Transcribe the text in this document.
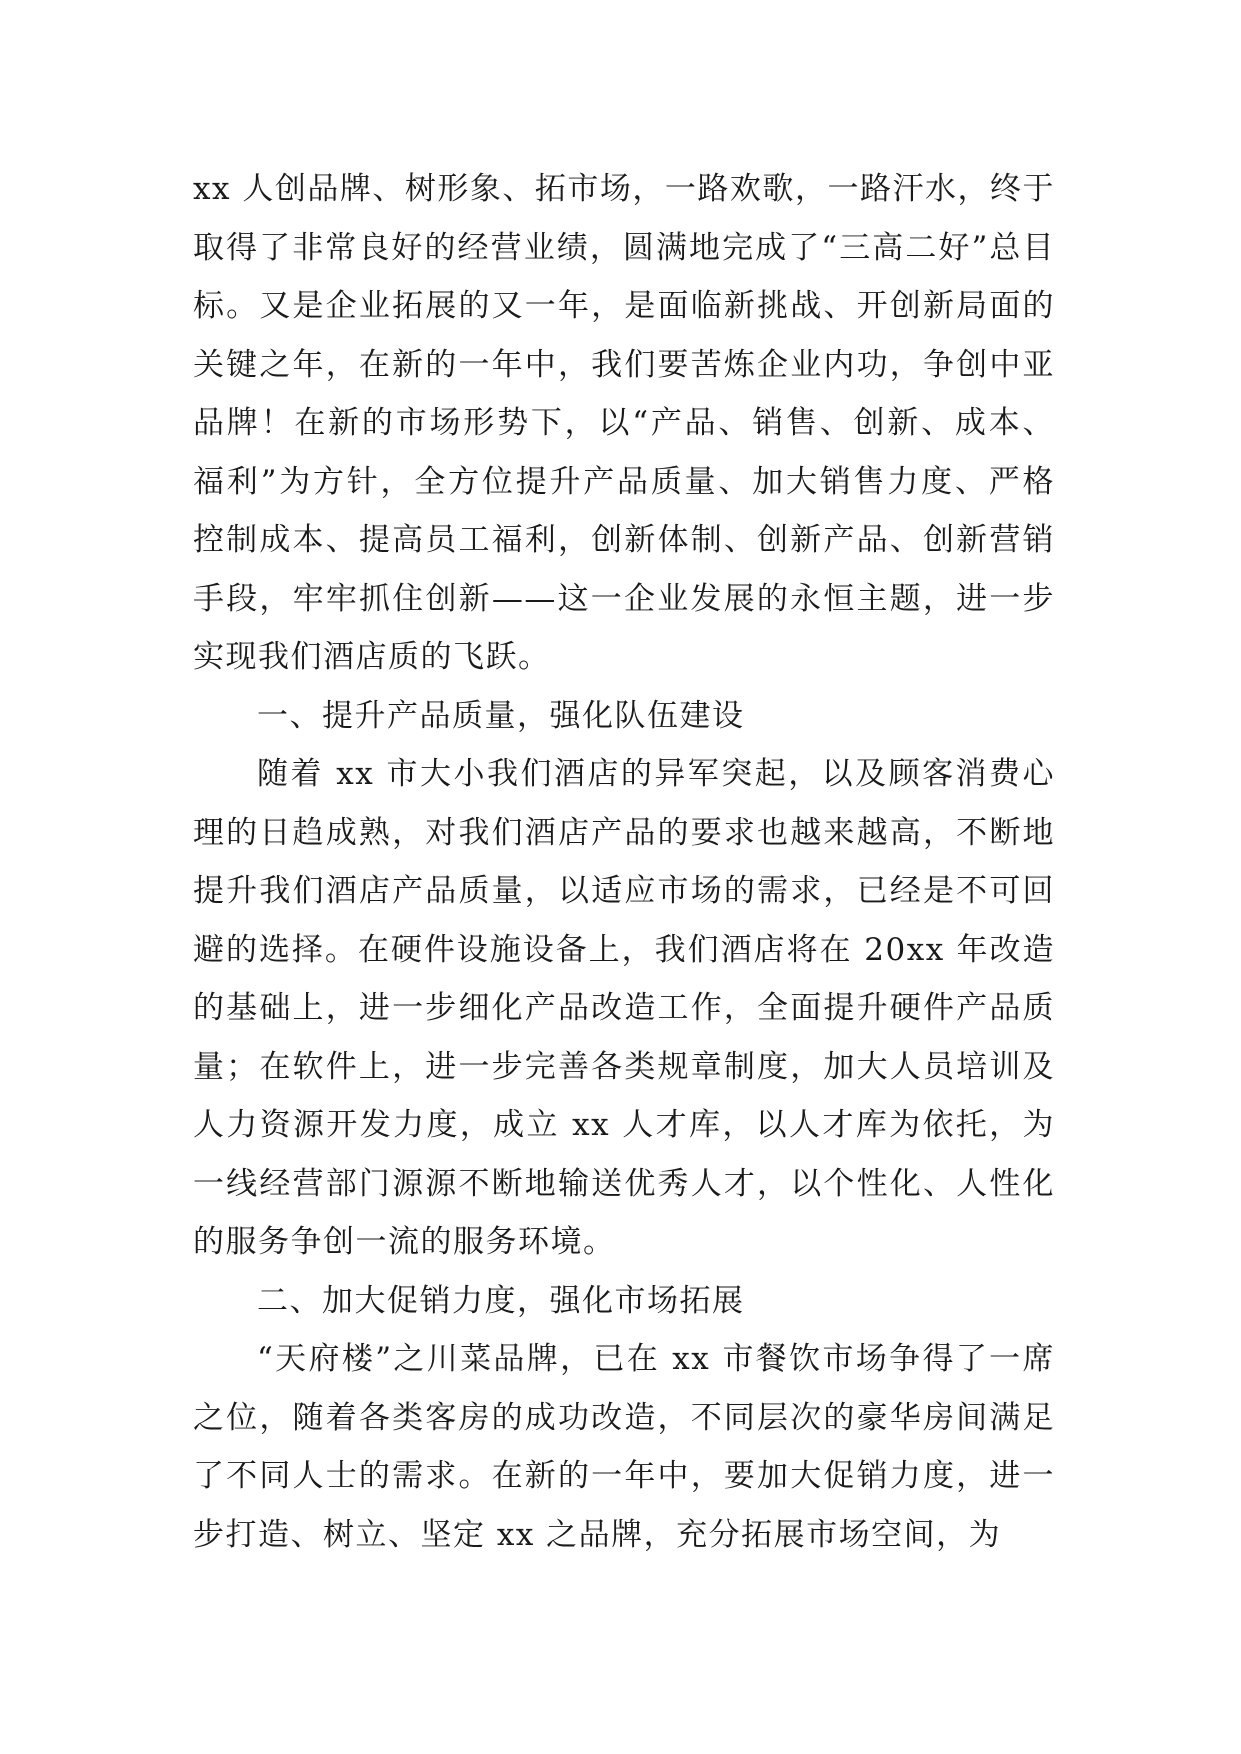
xx 人创品牌、树形象、拓市场，一路欢歌，一路汗水，终于取得了非常良好的经营业绩，圆满地完成了“三高二好”总目标。又是企业拓展的又一年，是面临新挑战、开创新局面的关键之年，在新的一年中，我们要苦炼企业内功，争创中亚品牌！在新的市场形势下，以“产品、销售、创新、成本、福利”为方针，全方位提升产品质量、加大销售力度、严格控制成本、提高员工福利，创新体制、创新产品、创新营销手段，牢牢抓住创新——这一企业发展的永恒主题，进一步实现我们酒店质的飞跃。

一、提升产品质量，强化队伍建设

随着 xx 市大小我们酒店的异军突起，以及顾客消费心理的日趋成熟，对我们酒店产品的要求也越来越高，不断地提升我们酒店产品质量，以适应市场的需求，已经是不可回避的选择。在硬件设施设备上，我们酒店将在 20xx 年改造的基础上，进一步细化产品改造工作，全面提升硬件产品质量；在软件上，进一步完善各类规章制度，加大人员培训及人力资源开发力度，成立 xx 人才库，以人才库为依托，为一线经营部门源源不断地输送优秀人才，以个性化、人性化的服务争创一流的服务环境。

二、加大促销力度，强化市场拓展

“天府楼”之川菜品牌，已在 xx 市餐饮市场争得了一席之位，随着各类客房的成功改造，不同层次的豪华房间满足了不同人士的需求。在新的一年中，要加大促销力度，进一步打造、树立、坚定 xx 之品牌，充分拓展市场空间，为
